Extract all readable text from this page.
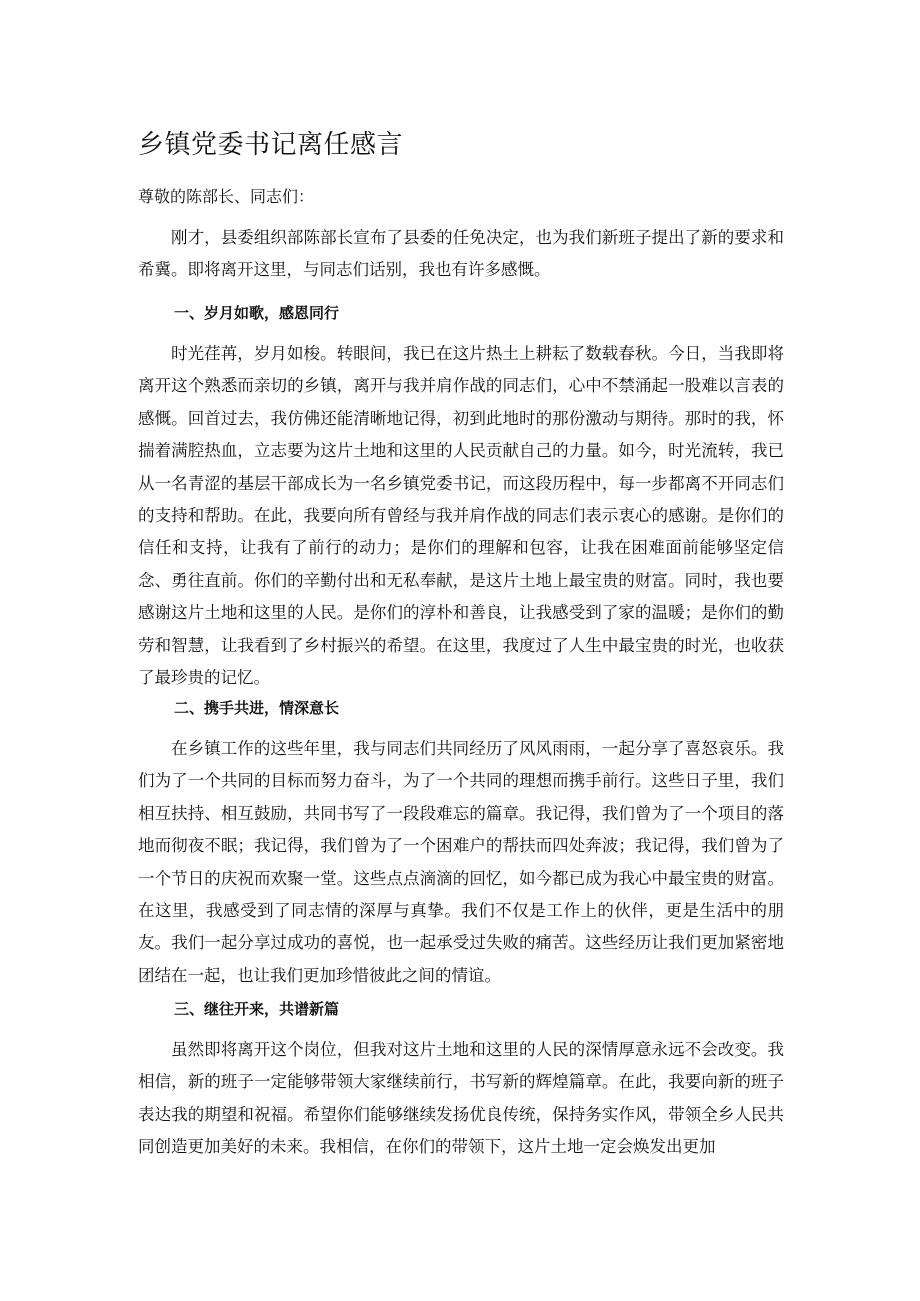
乡镇党委书记离任感言

尊敬的陈部长、同志们：

刚才，县委组织部陈部长宣布了县委的任免决定，也为我们新班子提出了新的要求和希冀。即将离开这里，与同志们话别，我也有许多感慨。

一、岁月如歌，感恩同行

时光荏苒，岁月如梭。转眼间，我已在这片热土上耕耘了数载春秋。今日，当我即将离开这个熟悉而亲切的乡镇，离开与我并肩作战的同志们，心中不禁涌起一股难以言表的感慨。回首过去，我仿佛还能清晰地记得，初到此地时的那份激动与期待。那时的我，怀揣着满腔热血，立志要为这片土地和这里的人民贡献自己的力量。如今，时光流转，我已从一名青涩的基层干部成长为一名乡镇党委书记，而这段历程中，每一步都离不开同志们的支持和帮助。在此，我要向所有曾经与我并肩作战的同志们表示衷心的感谢。是你们的信任和支持，让我有了前行的动力；是你们的理解和包容，让我在困难面前能够坚定信念、勇往直前。你们的辛勤付出和无私奉献，是这片土地上最宝贵的财富。同时，我也要感谢这片土地和这里的人民。是你们的淳朴和善良，让我感受到了家的温暖；是你们的勤劳和智慧，让我看到了乡村振兴的希望。在这里，我度过了人生中最宝贵的时光，也收获了最珍贵的记忆。

二、携手共进，情深意长

在乡镇工作的这些年里，我与同志们共同经历了风风雨雨，一起分享了喜怒哀乐。我们为了一个共同的目标而努力奋斗，为了一个共同的理想而携手前行。这些日子里，我们相互扶持、相互鼓励，共同书写了一段段难忘的篇章。我记得，我们曾为了一个项目的落地而彻夜不眠；我记得，我们曾为了一个困难户的帮扶而四处奔波；我记得，我们曾为了一个节日的庆祝而欢聚一堂。这些点点滴滴的回忆，如今都已成为我心中最宝贵的财富。在这里，我感受到了同志情的深厚与真挚。我们不仅是工作上的伙伴，更是生活中的朋友。我们一起分享过成功的喜悦，也一起承受过失败的痛苦。这些经历让我们更加紧密地团结在一起，也让我们更加珍惜彼此之间的情谊。

三、继往开来，共谱新篇

虽然即将离开这个岗位，但我对这片土地和这里的人民的深情厚意永远不会改变。我相信，新的班子一定能够带领大家继续前行，书写新的辉煌篇章。在此，我要向新的班子表达我的期望和祝福。希望你们能够继续发扬优良传统，保持务实作风，带领全乡人民共同创造更加美好的未来。我相信，在你们的带领下，这片土地一定会焕发出更加
